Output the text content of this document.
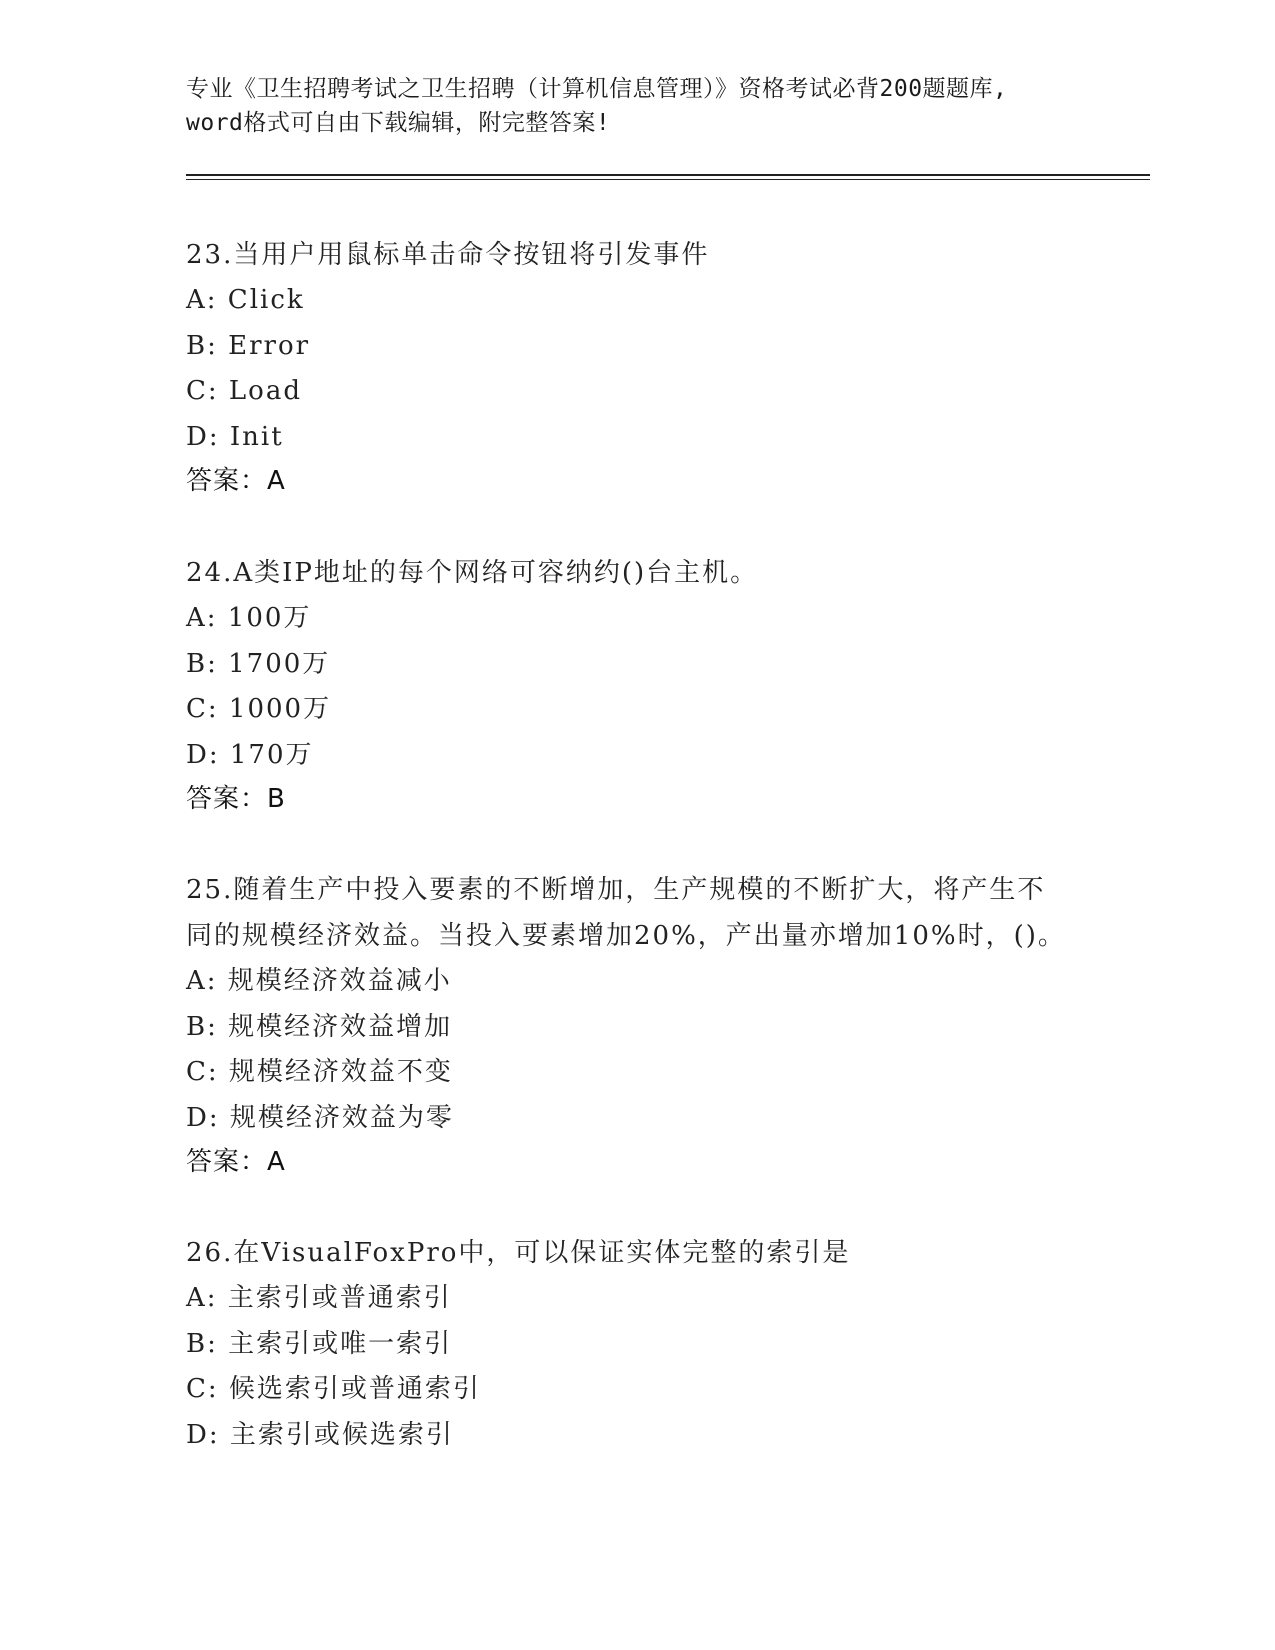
专业《卫生招聘考试之卫生招聘（计算机信息管理）》资格考试必背200题题库,
word格式可自由下载编辑，附完整答案!
23.当用户用鼠标单击命令按钮将引发事件
A: Click
B: Error
C: Load
D: Init
答案：A
24.A类IP地址的每个网络可容纳约()台主机。
A: 100万
B: 1700万
C: 1000万
D: 170万
答案：B
25.随着生产中投入要素的不断增加，生产规模的不断扩大，将产生不
同的规模经济效益。当投入要素增加20%，产出量亦增加10%时，()。
A: 规模经济效益减小
B: 规模经济效益增加
C: 规模经济效益不变
D: 规模经济效益为零
答案：A
26.在VisualFoxPro中，可以保证实体完整的索引是
A: 主索引或普通索引
B: 主索引或唯一索引
C: 候选索引或普通索引
D: 主索引或候选索引
